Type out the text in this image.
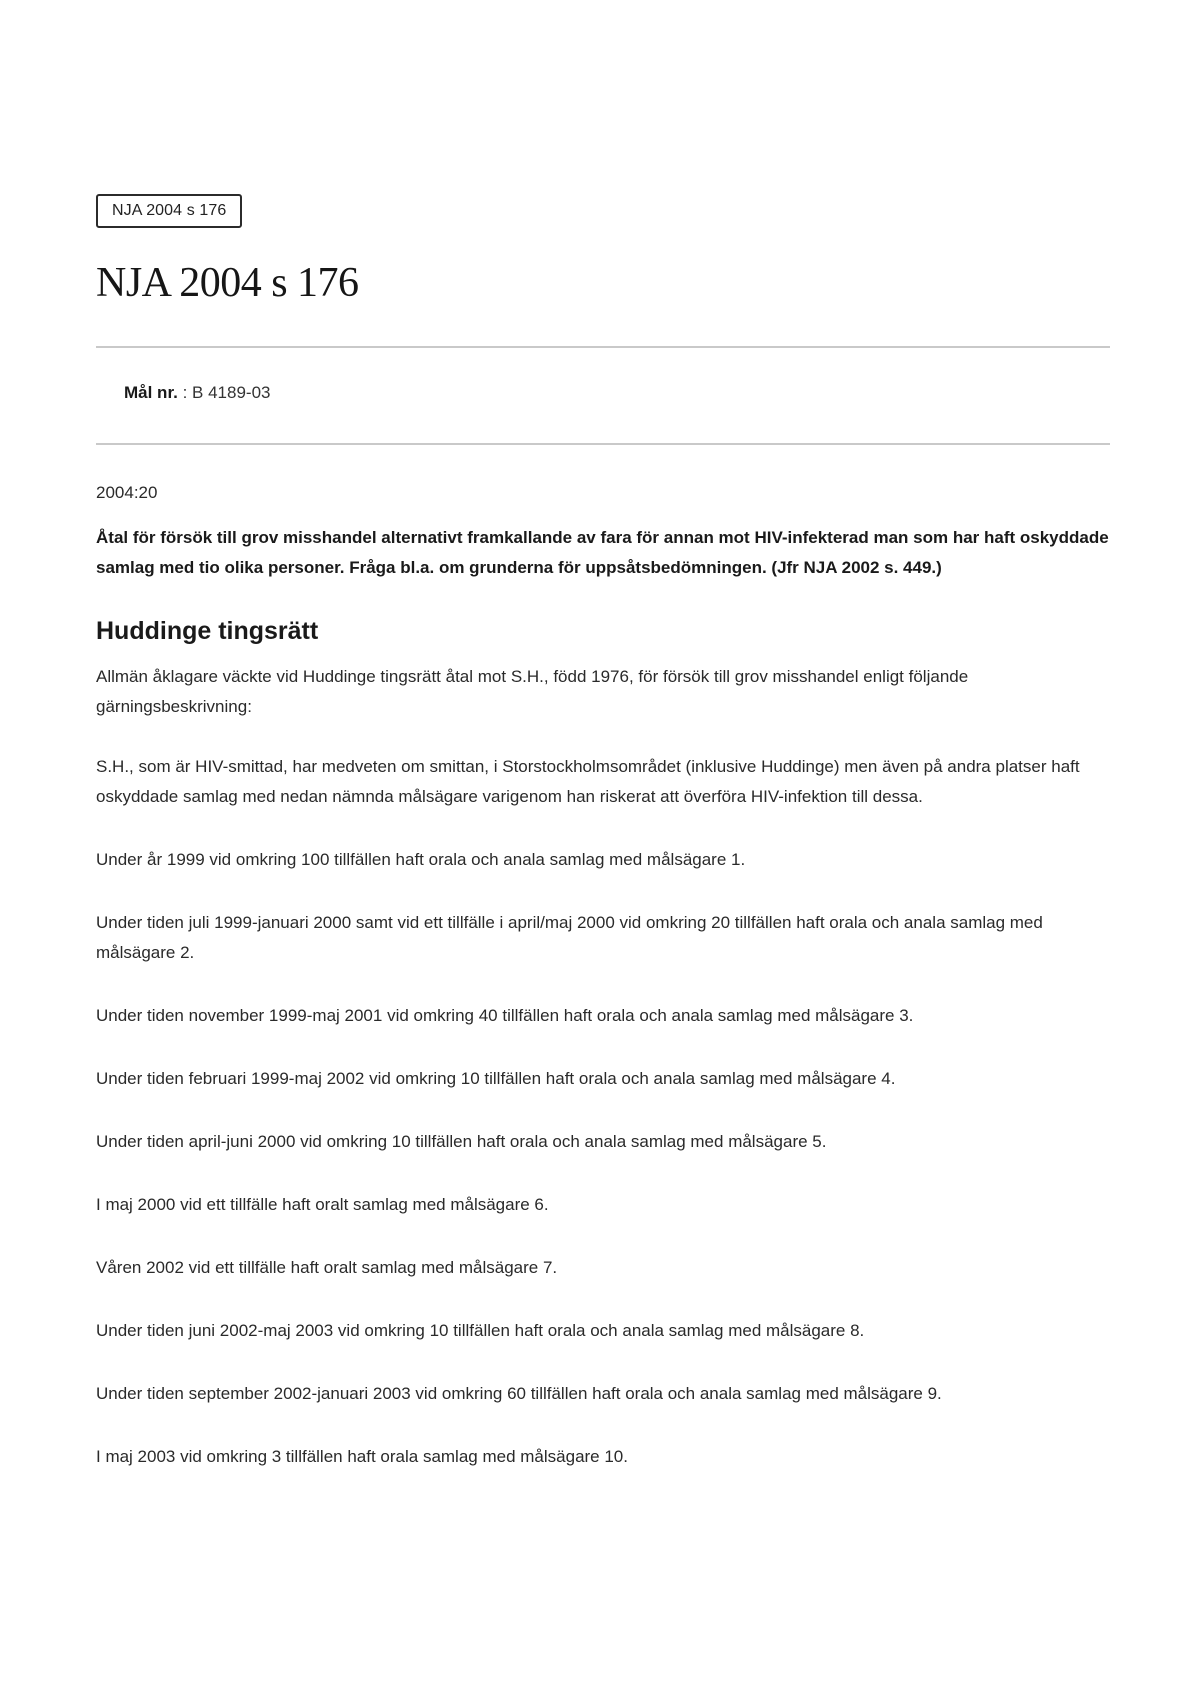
NJA 2004 s 176
NJA 2004 s 176
Mål nr. : B 4189-03
2004:20

Åtal för försök till grov misshandel alternativt framkallande av fara för annan mot HIV-infekterad man som har haft oskyddade samlag med tio olika personer. Fråga bl.a. om grunderna för uppsåtsbedömningen. (Jfr NJA 2002 s. 449.)

Huddinge tingsrätt
Allmän åklagare väckte vid Huddinge tingsrätt åtal mot S.H., född 1976, för försök till grov misshandel enligt följande gärningsbeskrivning:
S.H., som är HIV-smittad, har medveten om smittan, i Storstockholmsområdet (inklusive Huddinge) men även på andra platser haft oskyddade samlag med nedan nämnda målsägare varigenom han riskerat att överföra HIV-infektion till dessa.
Under år 1999 vid omkring 100 tillfällen haft orala och anala samlag med målsägare 1.
Under tiden juli 1999-januari 2000 samt vid ett tillfälle i april/maj 2000 vid omkring 20 tillfällen haft orala och anala samlag med målsägare 2.
Under tiden november 1999-maj 2001 vid omkring 40 tillfällen haft orala och anala samlag med målsägare 3.
Under tiden februari 1999-maj 2002 vid omkring 10 tillfällen haft orala och anala samlag med målsägare 4.
Under tiden april-juni 2000 vid omkring 10 tillfällen haft orala och anala samlag med målsägare 5.
I maj 2000 vid ett tillfälle haft oralt samlag med målsägare 6.
Våren 2002 vid ett tillfälle haft oralt samlag med målsägare 7.
Under tiden juni 2002-maj 2003 vid omkring 10 tillfällen haft orala och anala samlag med målsägare 8.
Under tiden september 2002-januari 2003 vid omkring 60 tillfällen haft orala och anala samlag med målsägare 9.
I maj 2003 vid omkring 3 tillfällen haft orala samlag med målsägare 10.
